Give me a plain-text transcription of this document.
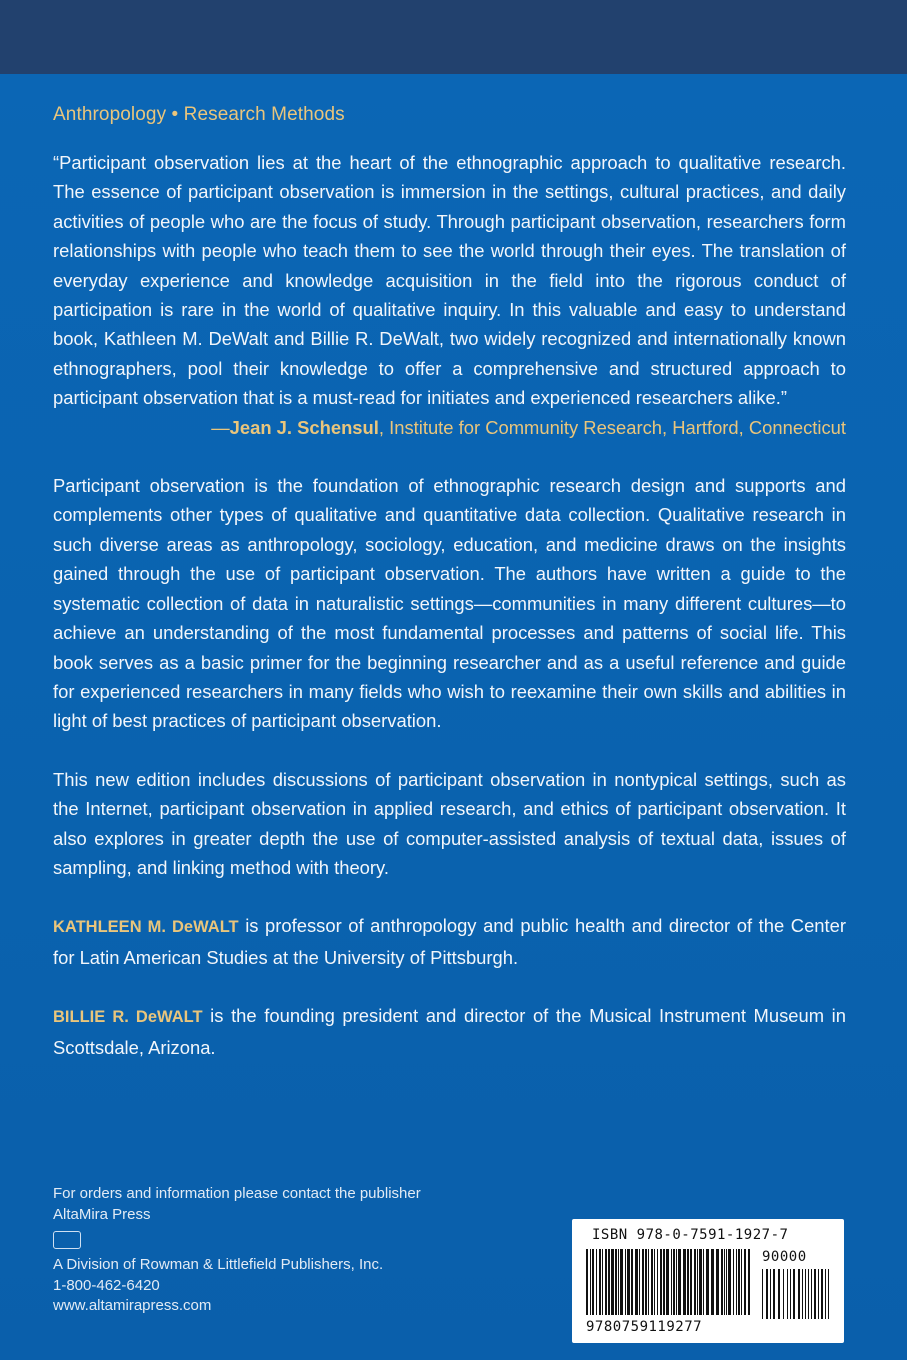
Anthropology • Research Methods

“Participant observation lies at the heart of the ethnographic approach to qualitative research. The essence of participant observation is immersion in the settings, cultural practices, and daily activities of people who are the focus of study. Through participant observation, researchers form relationships with people who teach them to see the world through their eyes. The translation of everyday experience and knowledge acquisition in the field into the rigorous conduct of participation is rare in the world of qualitative inquiry. In this valuable and easy to understand book, Kathleen M. DeWalt and Billie R. DeWalt, two widely recognized and internationally known ethnographers, pool their knowledge to offer a comprehensive and structured approach to participant observation that is a must-read for initiates and experienced researchers alike.”

—Jean J. Schensul, Institute for Community Research, Hartford, Connecticut

Participant observation is the foundation of ethnographic research design and supports and complements other types of qualitative and quantitative data collection. Qualitative research in such diverse areas as anthropology, sociology, education, and medicine draws on the insights gained through the use of participant observation. The authors have written a guide to the systematic collection of data in naturalistic settings—communities in many different cultures—to achieve an understanding of the most fundamental processes and patterns of social life. This book serves as a basic primer for the beginning researcher and as a useful reference and guide for experienced researchers in many fields who wish to reexamine their own skills and abilities in light of best practices of participant observation.

This new edition includes discussions of participant observation in nontypical settings, such as the Internet, participant observation in applied research, and ethics of participant observation. It also explores in greater depth the use of computer-assisted analysis of textual data, issues of sampling, and linking method with theory.

KATHLEEN M. DeWALT is professor of anthropology and public health and director of the Center for Latin American Studies at the University of Pittsburgh.

BILLIE R. DeWALT is the founding president and director of the Musical Instrument Museum in Scottsdale, Arizona.

For orders and information please contact the publisher

AltaMira Press

A Division of Rowman & Littlefield Publishers, Inc.

1-800-462-6420

www.altamirapress.com

ISBN 978-0-7591-1927-7
90000
9780759119277
